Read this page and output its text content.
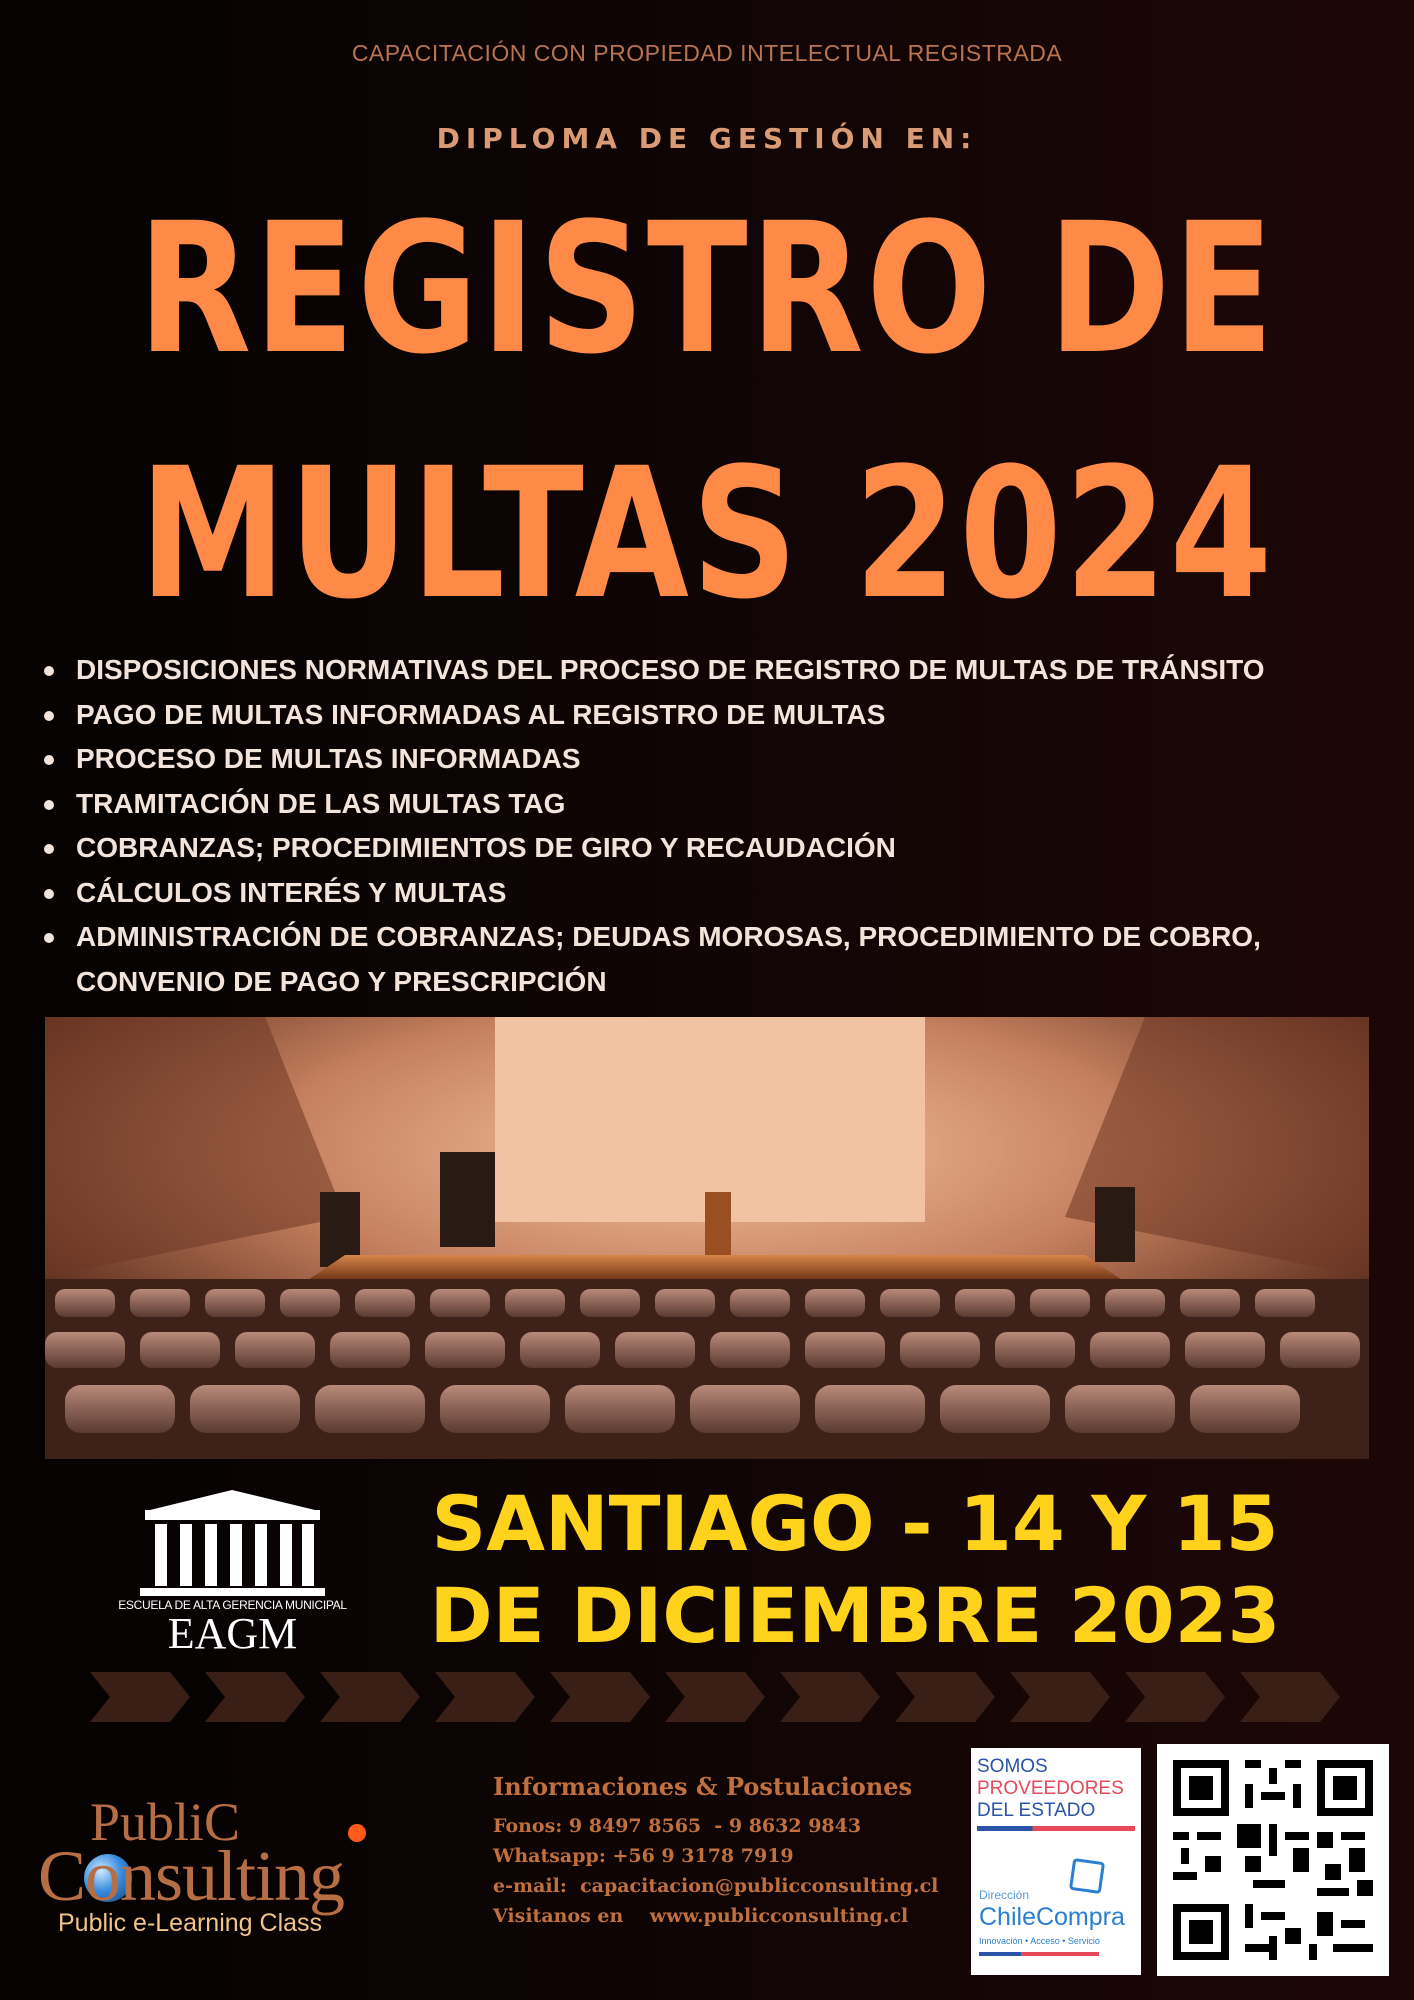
CAPACITACIÓN CON PROPIEDAD INTELECTUAL REGISTRADA
DIPLOMA DE GESTIÓN EN:
REGISTRO DE
MULTAS 2024
DISPOSICIONES NORMATIVAS DEL PROCESO DE REGISTRO DE MULTAS DE TRÁNSITO
PAGO DE MULTAS INFORMADAS AL REGISTRO DE MULTAS
PROCESO DE MULTAS INFORMADAS
TRAMITACIÓN DE LAS MULTAS TAG
COBRANZAS; PROCEDIMIENTOS DE GIRO Y RECAUDACIÓN
CÁLCULOS INTERÉS Y MULTAS
ADMINISTRACIÓN DE COBRANZAS; DEUDAS MOROSAS, PROCEDIMIENTO DE COBRO, CONVENIO DE PAGO Y PRESCRIPCIÓN
ESCUELA DE ALTA GERENCIA MUNICIPAL
EAGM
SANTIAGO - 14 Y 15
DE DICIEMBRE 2023
PubliC
Consulting
Public e-Learning Class
Informaciones & Postulaciones
Fonos: 9 8497 8565  - 9 8632 9843
Whatsapp: +56 9 3178 7919
e-mail:  capacitacion@publicconsulting.cl
Visitanos en    www.publicconsulting.cl
SOMOS
PROVEEDORES
DEL ESTADO
Dirección
ChileCompra
Innovación • Acceso • Servicio
